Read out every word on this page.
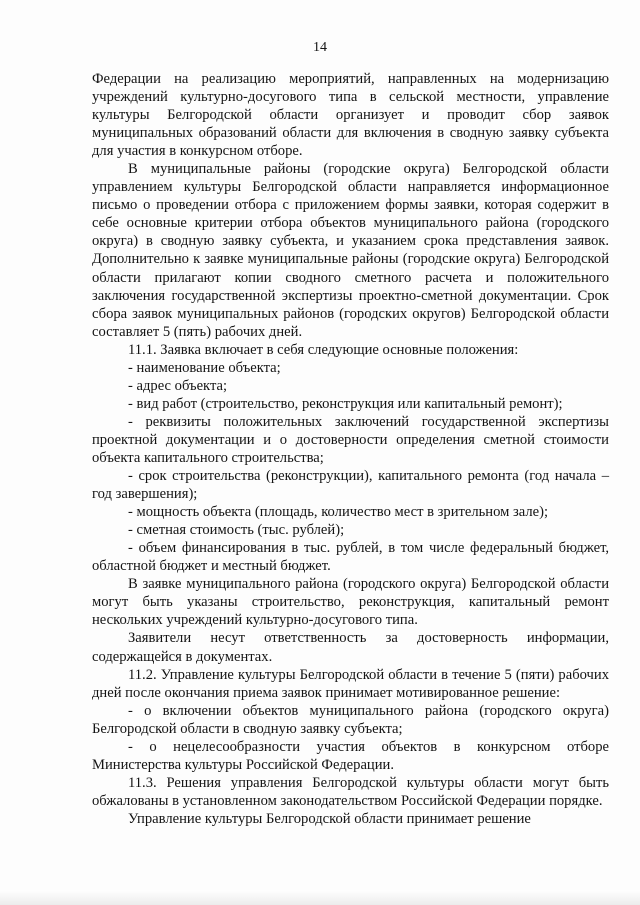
14

Федерации на реализацию мероприятий, направленных на модернизацию учреждений культурно-досугового типа в сельской местности, управление культуры Белгородской области организует и проводит сбор заявок муниципальных образований области для включения в сводную заявку субъекта для участия в конкурсном отборе.

В муниципальные районы (городские округа) Белгородской области управлением культуры Белгородской области направляется информационное письмо о проведении отбора с приложением формы заявки, которая содержит в себе основные критерии отбора объектов муниципального района (городского округа) в сводную заявку субъекта, и указанием срока представления заявок. Дополнительно к заявке муниципальные районы (городские округа) Белгородской области прилагают копии сводного сметного расчета и положительного заключения государственной экспертизы проектно-сметной документации. Срок сбора заявок муниципальных районов (городских округов) Белгородской области составляет 5 (пять) рабочих дней.

11.1. Заявка включает в себя следующие основные положения:

- наименование объекта;

- адрес объекта;

- вид работ (строительство, реконструкция или капитальный ремонт);

- реквизиты положительных заключений государственной экспертизы проектной документации и о достоверности определения сметной стоимости объекта капитального строительства;

- срок строительства (реконструкции), капитального ремонта (год начала – год завершения);

- мощность объекта (площадь, количество мест в зрительном зале);

- сметная стоимость (тыс. рублей);

- объем финансирования в тыс. рублей, в том числе федеральный бюджет, областной бюджет и местный бюджет.

В заявке муниципального района (городского округа) Белгородской области могут быть указаны строительство, реконструкция, капитальный ремонт нескольких учреждений культурно-досугового типа.

Заявители несут ответственность за достоверность информации, содержащейся в документах.

11.2. Управление культуры Белгородской области в течение 5 (пяти) рабочих дней после окончания приема заявок принимает мотивированное решение:

- о включении объектов муниципального района (городского округа) Белгородской области в сводную заявку субъекта;

- о нецелесообразности участия объектов в конкурсном отборе Министерства культуры Российской Федерации.

11.3. Решения управления Белгородской культуры области могут быть обжалованы в установленном законодательством Российской Федерации порядке.

Управление культуры Белгородской области принимает решение
